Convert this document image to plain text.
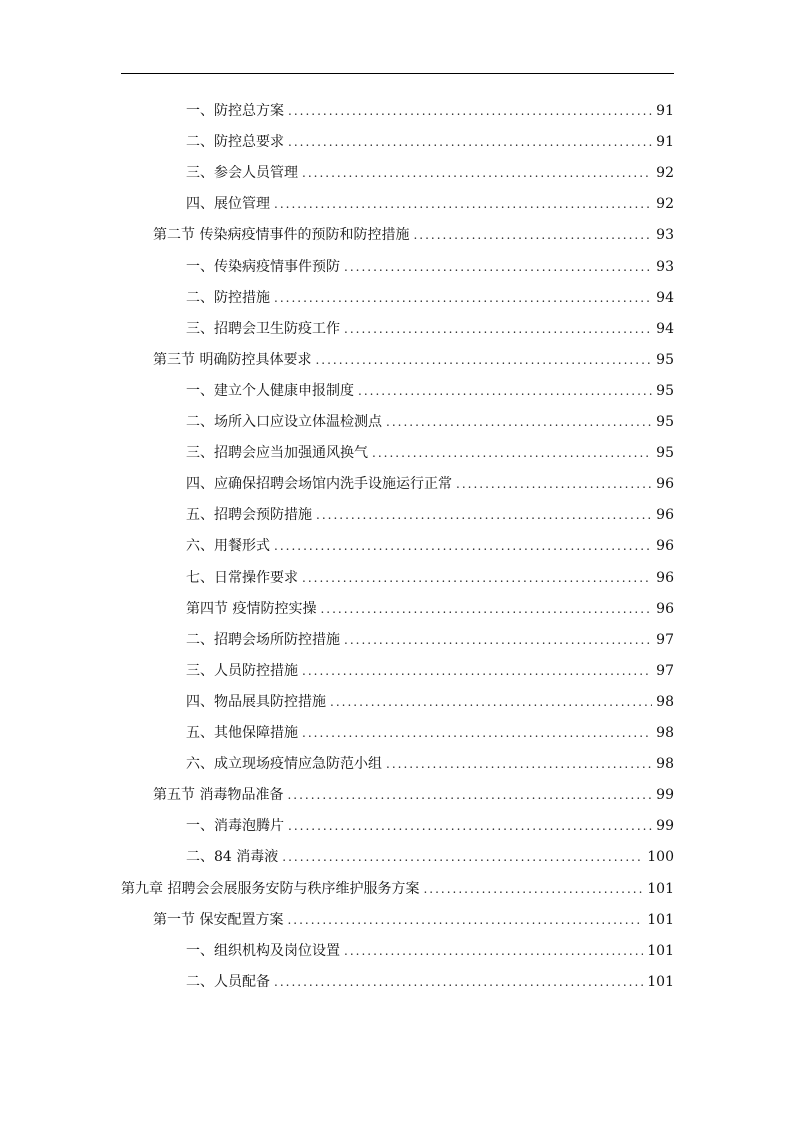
一、防控总方案 .....	91
二、防控总要求 .....	91
三、参会人员管理 .....	92
四、展位管理 .....	92
第二节 传染病疫情事件的预防和防控措施 .....	93
一、传染病疫情事件预防 .....	93
二、防控措施 .....	94
三、招聘会卫生防疫工作 .....	94
第三节 明确防控具体要求 .....	95
一、建立个人健康申报制度 .....	95
二、场所入口应设立体温检测点 .....	95
三、招聘会应当加强通风换气 .....	95
四、应确保招聘会场馆内洗手设施运行正常 .....	96
五、招聘会预防措施 .....	96
六、用餐形式 .....	96
七、日常操作要求 .....	96
第四节 疫情防控实操 .....	96
二、招聘会场所防控措施 .....	97
三、人员防控措施 .....	97
四、物品展具防控措施 .....	98
五、其他保障措施 .....	98
六、成立现场疫情应急防范小组 .....	98
第五节 消毒物品准备 .....	99
一、消毒泡腾片 .....	99
二、84 消毒液 .....	100
第九章 招聘会会展服务安防与秩序维护服务方案 .....	101
第一节 保安配置方案 .....	101
一、组织机构及岗位设置 .....	101
二、人员配备 .....	101
